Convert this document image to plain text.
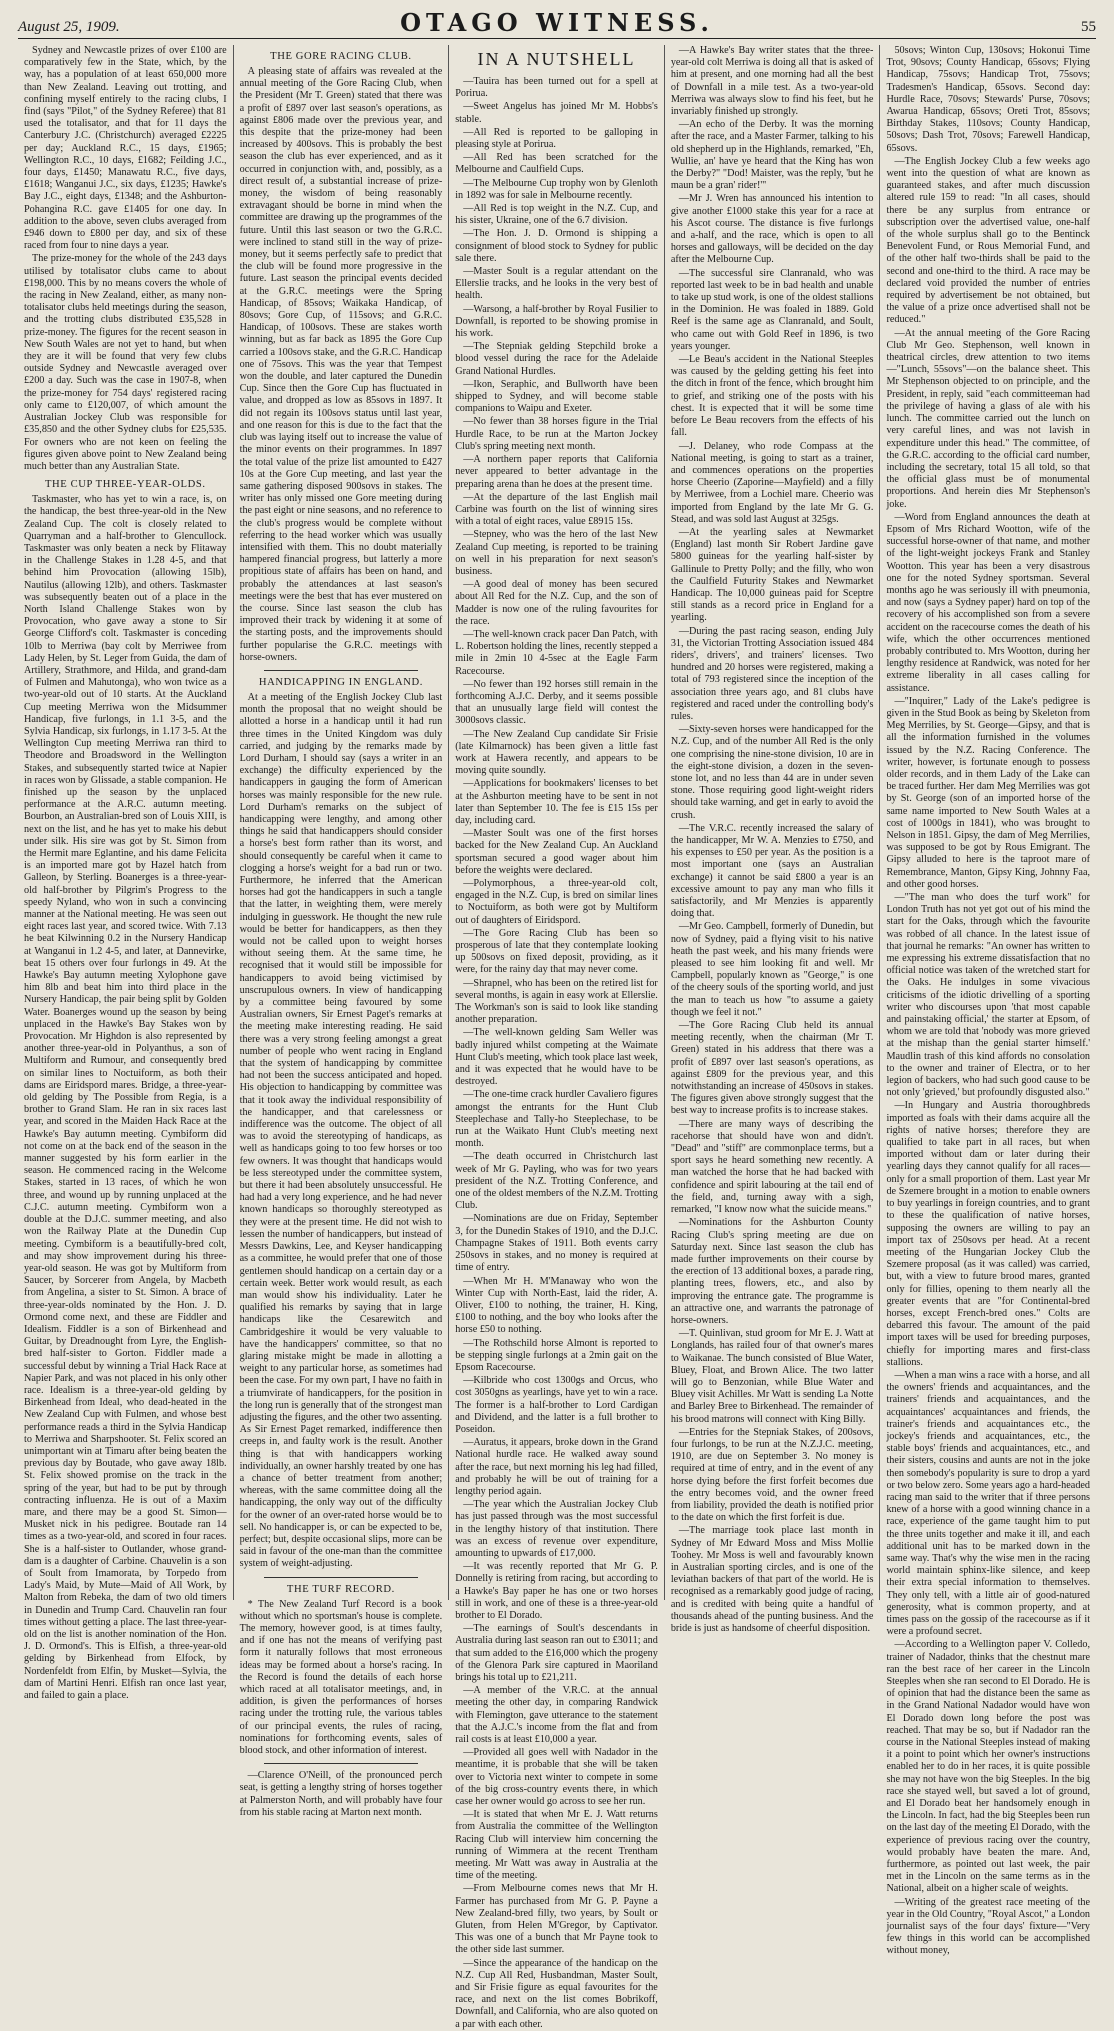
August 25, 1909.	OTAGO WITNESS.	55

Sydney and Newcastle prizes of over £100 are comparatively few in the State, which, by the way, has a population of at least 650,000 more than New Zealand. Leaving out trotting, and confining myself entirely to the racing clubs, I find (says "Pilot," of the Sydney Referee) that 81 used the totalisator, and that for 11 days the Canterbury J.C. (Christchurch) averaged £2225 per day; Auckland R.C., 15 days, £1965; Wellington R.C., 10 days, £1682; Feilding J.C., four days, £1450; Manawatu R.C., five days, £1618; Wanganui J.C., six days, £1235; Hawke's Bay J.C., eight days, £1348; and the Ashburton-Pohangina R.C. gave £1405 for one day. In addition to the above, seven clubs averaged from £946 down to £800 per day, and six of these raced from four to nine days a year.

The prize-money for the whole of the 243 days utilised by totalisator clubs came to about £198,000. This by no means covers the whole of the racing in New Zealand, either, as many non-totalisator clubs held meetings during the season, and the trotting clubs distributed £35,528 in prize-money. The figures for the recent season in New South Wales are not yet to hand, but when they are it will be found that very few clubs outside Sydney and Newcastle averaged over £200 a day. Such was the case in 1907-8, when the prize-money for 754 days' registered racing only came to £120,007, of which amount the Australian Jockey Club was responsible for £35,850 and the other Sydney clubs for £25,535. For owners who are not keen on feeling the figures given above point to New Zealand being much better than any Australian State.

THE CUP THREE-YEAR-OLDS.

Taskmaster, who has yet to win a race, is, on the handicap, the best three-year-old in the New Zealand Cup. The colt is closely related to Quarryman and a half-brother to Glencullock. Taskmaster was only beaten a neck by Flitaway in the Challenge Stakes in 1.28 4-5, and that behind him Provocation (allowing 15lb), Nautilus (allowing 12lb), and others. Taskmaster was subsequently beaten out of a place in the North Island Challenge Stakes won by Provocation, who gave away a stone to Sir George Clifford's colt. Taskmaster is conceding 10lb to Merriwa (bay colt by Merriwee from Lady Helen, by St. Leger from Guida, the dam of Artillery, Strathmore, and Hilda, and grand-dam of Fulmen and Mahutonga), who won twice as a two-year-old out of 10 starts. At the Auckland Cup meeting Merriwa won the Midsummer Handicap, five furlongs, in 1.1 3-5, and the Sylvia Handicap, six furlongs, in 1.17 3-5. At the Wellington Cup meeting Merriwa ran third to Theodore and Broadsword in the Wellington Stakes, and subsequently started twice at Napier in races won by Glissade, a stable companion. He finished up the season by the unplaced performance at the A.R.C. autumn meeting. Bourbon, an Australian-bred son of Louis XIII, is next on the list, and he has yet to make his debut under silk. His sire was got by St. Simon from the Hermit mare Eglantine, and his dame Felicita is an imported mare got by Hazel hatch from Galleon, by Sterling. Boanerges is a three-year-old half-brother by Pilgrim's Progress to the speedy Nyland, who won in such a convincing manner at the National meeting. He was seen out eight races last year, and scored twice. With 7.13 he beat Kilwinning 0.2 in the Nursery Handicap at Wanganui in 1.2 4-5, and later, at Dannevirke, beat 15 others over four furlongs in 49. At the Hawke's Bay autumn meeting Xylophone gave him 8lb and beat him into third place in the Nursery Handicap, the pair being split by Golden Water. Boanerges wound up the season by being unplaced in the Hawke's Bay Stakes won by Provocation. Mr Highdon is also represented by another three-year-old in Polyanthus, a son of Multiform and Rumour, and consequently bred on similar lines to Noctuiform, as both their dams are Eiridspord mares. Bridge, a three-year-old gelding by The Possible from Regia, is a brother to Grand Slam. He ran in six races last year, and scored in the Maiden Hack Race at the Hawke's Bay autumn meeting. Cymbiform did not come on at the back end of the season in the manner suggested by his form earlier in the season. He commenced racing in the Welcome Stakes, started in 13 races, of which he won three, and wound up by running unplaced at the C.J.C. autumn meeting. Cymbiform won a double at the D.J.C. summer meeting, and also won the Railway Plate at the Dunedin Cup meeting. Cymbiform is a beautifully-bred colt, and may show improvement during his three-year-old season. He was got by Multiform from Saucer, by Sorcerer from Angela, by Macbeth from Angelina, a sister to St. Simon. A brace of three-year-olds nominated by the Hon. J. D. Ormond come next, and these are Fiddler and Idealism. Fiddler is a son of Birkenhead and Guitar, by Dreadnought from Lyre, the English-bred half-sister to Gorton. Fiddler made a successful debut by winning a Trial Hack Race at Napier Park, and was not placed in his only other race. Idealism is a three-year-old gelding by Birkenhead from Ideal, who dead-heated in the New Zealand Cup with Fulmen, and whose best performance reads a third in the Sylvia Handicap to Merriwa and Sharpshooter. St. Felix scored an unimportant win at Timaru after being beaten the previous day by Boutade, who gave away 18lb. St. Felix showed promise on the track in the spring of the year, but had to be put by through contracting influenza. He is out of a Maxim mare, and there may be a good St. Simon—Musket nick in his pedigree. Boutade ran 14 times as a two-year-old, and scored in four races. She is a half-sister to Outlander, whose grand-dam is a daughter of Carbine. Chauvelin is a son of Soult from Imamorata, by Torpedo from Lady's Maid, by Mute—Maid of All Work, by Malton from Rebeka, the dam of two old timers in Dunedin and Trump Card. Chauvelin ran four times without getting a place. The last three-year-old on the list is another nomination of the Hon. J. D. Ormond's. This is Elfish, a three-year-old gelding by Birkenhead from Elfock, by Nordenfeldt from Elfin, by Musket—Sylvia, the dam of Martini Henri. Elfish ran once last year, and failed to gain a place.

THE GORE RACING CLUB.

A pleasing state of affairs was revealed at the annual meeting of the Gore Racing Club, when the President (Mr T. Green) stated that there was a profit of £897 over last season's operations, as against £806 made over the previous year, and this despite that the prize-money had been increased by 400sovs. This is probably the best season the club has ever experienced, and as it occurred in conjunction with, and, possibly, as a direct result of, a substantial increase of prize-money, the wisdom of being reasonably extravagant should be borne in mind when the committee are drawing up the programmes of the future. Until this last season or two the G.R.C. were inclined to stand still in the way of prize-money, but it seems perfectly safe to predict that the club will be found more progressive in the future. Last season the principal events decided at the G.R.C. meetings were the Spring Handicap, of 85sovs; Waikaka Handicap, of 80sovs; Gore Cup, of 115sovs; and G.R.C. Handicap, of 100sovs. These are stakes worth winning, but as far back as 1895 the Gore Cup carried a 100sovs stake, and the G.R.C. Handicap one of 75sovs. This was the year that Tempest won the double, and later captured the Dunedin Cup. Since then the Gore Cup has fluctuated in value, and dropped as low as 85sovs in 1897. It did not regain its 100sovs status until last year, and one reason for this is due to the fact that the club was laying itself out to increase the value of the minor events on their programmes. In 1897 the total value of the prize list amounted to £427 10s at the Gore Cup meeting, and last year the same gathering disposed 900sovs in stakes. The writer has only missed one Gore meeting during the past eight or nine seasons, and no reference to the club's progress would be complete without referring to the head worker which was usually intensified with them. This no doubt materially hampered financial progress, but latterly a more propitious state of affairs has been on hand, and probably the attendances at last season's meetings were the best that has ever mustered on the course. Since last season the club has improved their track by widening it at some of the starting posts, and the improvements should further popularise the G.R.C. meetings with horse-owners.

HANDICAPPING IN ENGLAND.

At a meeting of the English Jockey Club last month the proposal that no weight should be allotted a horse in a handicap until it had run three times in the United Kingdom was duly carried, and judging by the remarks made by Lord Durham, I should say (says a writer in an exchange) the difficulty experienced by the handicappers in gauging the form of American horses was mainly responsible for the new rule. Lord Durham's remarks on the subject of handicapping were lengthy, and among other things he said that handicappers should consider a horse's best form rather than its worst, and should consequently be careful when it came to clogging a horse's weight for a bad run or two. Furthermore, he inferred that the American horses had got the handicappers in such a tangle that the latter, in weighting them, were merely indulging in guesswork. He thought the new rule would be better for handicappers, as then they would not be called upon to weight horses without seeing them. At the same time, he recognised that it would still be impossible for handicappers to avoid being victimised by unscrupulous owners. In view of handicapping by a committee being favoured by some Australian owners, Sir Ernest Paget's remarks at the meeting make interesting reading. He said there was a very strong feeling amongst a great number of people who went racing in England that the system of handicapping by committee had not been the success anticipated and hoped. His objection to handicapping by committee was that it took away the individual responsibility of the handicapper, and that carelessness or indifference was the outcome. The object of all was to avoid the stereotyping of handicaps, as well as handicaps going to too few horses or too few owners. It was thought that handicaps would be less stereotyped under the committee system, but there it had been absolutely unsuccessful. He had had a very long experience, and he had never known handicaps so thoroughly stereotyped as they were at the present time. He did not wish to lessen the number of handicappers, but instead of Messrs Dawkins, Lee, and Keyser handicapping as a committee, he would prefer that one of those gentlemen should handicap on a certain day or a certain week. Better work would result, as each man would show his individuality. Later he qualified his remarks by saying that in large handicaps like the Cesarewitch and Cambridgeshire it would be very valuable to have the handicappers' committee, so that no glaring mistake might be made in allotting a weight to any particular horse, as sometimes had been the case. For my own part, I have no faith in a triumvirate of handicappers, for the position in the long run is generally that of the strongest man adjusting the figures, and the other two assenting. As Sir Ernest Paget remarked, indifference then creeps in, and faulty work is the result. Another thing is that with handicappers working individually, an owner harshly treated by one has a chance of better treatment from another; whereas, with the same committee doing all the handicapping, the only way out of the difficulty for the owner of an over-rated horse would be to sell. No handicapper is, or can be expected to be, perfect; but, despite occasional slips, more can be said in favour of the one-man than the committee system of weight-adjusting.

THE TURF RECORD.

* The New Zealand Turf Record is a book without which no sportsman's house is complete. The memory, however good, is at times faulty, and if one has not the means of verifying past form it naturally follows that most erroneous ideas may be formed about a horse's racing. In the Record is found the details of each horse which raced at all totalisator meetings, and, in addition, is given the performances of horses racing under the trotting rule, the various tables of our principal events, the rules of racing, nominations for forthcoming events, sales of blood stock, and other information of interest.

—Clarence O'Neill, of the pronounced perch seat, is getting a lengthy string of horses together at Palmerston North, and will probably have four from his stable racing at Marton next month.

IN A NUTSHELL

—Tauira has been turned out for a spell at Porirua.

—Sweet Angelus has joined Mr M. Hobbs's stable.

—All Red is reported to be galloping in pleasing style at Porirua.

—All Red has been scratched for the Melbourne and Caulfield Cups.

—The Melbourne Cup trophy won by Glenloth in 1892 was for sale in Melbourne recently.

—All Red is top weight in the N.Z. Cup, and his sister, Ukraine, one of the 6.7 division.

—The Hon. J. D. Ormond is shipping a consignment of blood stock to Sydney for public sale there.

—Master Soult is a regular attendant on the Ellerslie tracks, and he looks in the very best of health.

—Warsong, a half-brother by Royal Fusilier to Downfall, is reported to be showing promise in his work.

—The Stepniak gelding Stepchild broke a blood vessel during the race for the Adelaide Grand National Hurdles.

—Ikon, Seraphic, and Bullworth have been shipped to Sydney, and will become stable companions to Waipu and Exeter.

—No fewer than 38 horses figure in the Trial Hurdle Race, to be run at the Marton Jockey Club's spring meeting next month.

—A northern paper reports that California never appeared to better advantage in the preparing arena than he does at the present time.

—At the departure of the last English mail Carbine was fourth on the list of winning sires with a total of eight races, value £8915 15s.

—Stepney, who was the hero of the last New Zealand Cup meeting, is reported to be training on well in his preparation for next season's business.

—A good deal of money has been secured about All Red for the N.Z. Cup, and the son of Madder is now one of the ruling favourites for the race.

—The well-known crack pacer Dan Patch, with L. Robertson holding the lines, recently stepped a mile in 2min 10 4-5sec at the Eagle Farm Racecourse.

—No fewer than 192 horses still remain in the forthcoming A.J.C. Derby, and it seems possible that an unusually large field will contest the 3000sovs classic.

—The New Zealand Cup candidate Sir Frisie (late Kilmarnock) has been given a little fast work at Hawera recently, and appears to be moving quite soundly.

—Applications for bookmakers' licenses to bet at the Ashburton meeting have to be sent in not later than September 10. The fee is £15 15s per day, including card.

—Master Soult was one of the first horses backed for the New Zealand Cup. An Auckland sportsman secured a good wager about him before the weights were declared.

—Polymorphous, a three-year-old colt, engaged in the N.Z. Cup, is bred on similar lines to Noctuiform, as both were got by Multiform out of daughters of Eiridspord.

—The Gore Racing Club has been so prosperous of late that they contemplate looking up 500sovs on fixed deposit, providing, as it were, for the rainy day that may never come.

—Shrapnel, who has been on the retired list for several months, is again in easy work at Ellerslie. The Workman's son is said to look like standing another preparation.

—The well-known gelding Sam Weller was badly injured whilst competing at the Waimate Hunt Club's meeting, which took place last week, and it was expected that he would have to be destroyed.

—The one-time crack hurdler Cavaliero figures amongst the entrants for the Hunt Club Steeplechase and Tally-ho Steeplechase, to be run at the Waikato Hunt Club's meeting next month.

—The death occurred in Christchurch last week of Mr G. Payling, who was for two years president of the N.Z. Trotting Conference, and one of the oldest members of the N.Z.M. Trotting Club.

—Nominations are due on Friday, September 3, for the Dunedin Stakes of 1910, and the D.J.C. Champagne Stakes of 1911. Both events carry 250sovs in stakes, and no money is required at time of entry.

—When Mr H. M'Manaway who won the Winter Cup with North-East, laid the rider, A. Oliver, £100 to nothing, the trainer, H. King, £100 to nothing, and the boy who looks after the horse £50 to nothing.

—The Rothschild horse Almont is reported to be stepping single furlongs at a 2min gait on the Epsom Racecourse.

—Kilbride who cost 1300gs and Orcus, who cost 3050gns as yearlings, have yet to win a race. The former is a half-brother to Lord Cardigan and Dividend, and the latter is a full brother to Poseidon.

—Auratus, it appears, broke down in the Grand National hurdle race. He walked away sound after the race, but next morning his leg had filled, and probably he will be out of training for a lengthy period again.

—The year which the Australian Jockey Club has just passed through was the most successful in the lengthy history of that institution. There was an excess of revenue over expenditure, amounting to upwards of £17,000.

—It was recently reported that Mr G. P. Donnelly is retiring from racing, but according to a Hawke's Bay paper he has one or two horses still in work, and one of these is a three-year-old brother to El Dorado.

—The earnings of Soult's descendants in Australia during last season ran out to £3011; and that sum added to the £16,000 which the progeny of the Glenora Park sire captured in Maoriland brings his total up to £21,211.

—A member of the V.R.C. at the annual meeting the other day, in comparing Randwick with Flemington, gave utterance to the statement that the A.J.C.'s income from the flat and from rail costs is at least £10,000 a year.

—Provided all goes well with Nadador in the meantime, it is probable that she will be taken over to Victoria next winter to compete in some of the big cross-country events there, in which case her owner would go across to see her run.

—It is stated that when Mr E. J. Watt returns from Australia the committee of the Wellington Racing Club will interview him concerning the running of Wimmera at the recent Trentham meeting. Mr Watt was away in Australia at the time of the meeting.

—From Melbourne comes news that Mr H. Farmer has purchased from Mr G. P. Payne a New Zealand-bred filly, two years, by Soult or Gluten, from Helen M'Gregor, by Captivator. This was one of a bunch that Mr Payne took to the other side last summer.

—Since the appearance of the handicap on the N.Z. Cup All Red, Husbandman, Master Soult, and Sir Frisie figure as equal favourites for the race, and next on the list comes Bobrikoff, Downfall, and California, who are also quoted on a par with each other.

—A Hawke's Bay writer states that the three-year-old colt Merriwa is doing all that is asked of him at present, and one morning had all the best of Downfall in a mile test. As a two-year-old Merriwa was always slow to find his feet, but he invariably finished up strongly.

—An echo of the Derby. It was the morning after the race, and a Master Farmer, talking to his old shepherd up in the Highlands, remarked, "Eh, Wullie, an' have ye heard that the King has won the Derby?" "Dod! Maister, was the reply, 'but he maun be a gran' rider!'"

—Mr J. Wren has announced his intention to give another £1000 stake this year for a race at his Ascot course. The distance is five furlongs and a-half, and the race, which is open to all horses and galloways, will be decided on the day after the Melbourne Cup.

—The successful sire Clanranald, who was reported last week to be in bad health and unable to take up stud work, is one of the oldest stallions in the Dominion. He was foaled in 1889. Gold Reef is the same age as Clanranald, and Soult, who came out with Gold Reef in 1896, is two years younger.

—Le Beau's accident in the National Steeples was caused by the gelding getting his feet into the ditch in front of the fence, which brought him to grief, and striking one of the posts with his chest. It is expected that it will be some time before Le Beau recovers from the effects of his fall.

—J. Delaney, who rode Compass at the National meeting, is going to start as a trainer, and commences operations on the properties horse Cheerio (Zaporine—Mayfield) and a filly by Merriwee, from a Lochiel mare. Cheerio was imported from England by the late Mr G. G. Stead, and was sold last August at 325gs.

—At the yearling sales at Newmarket (England) last month Sir Robert Jardine gave 5800 guineas for the yearling half-sister by Gallinule to Pretty Polly; and the filly, who won the Caulfield Futurity Stakes and Newmarket Handicap. The 10,000 guineas paid for Sceptre still stands as a record price in England for a yearling.

—During the past racing season, ending July 31, the Victorian Trotting Association issued 484 riders', drivers', and trainers' licenses. Two hundred and 20 horses were registered, making a total of 793 registered since the inception of the association three years ago, and 81 clubs have registered and raced under the controlling body's rules.

—Sixty-seven horses were handicapped for the N.Z. Cup, and of the number All Red is the only one comprising the nine-stone division, 10 are in the eight-stone division, a dozen in the seven-stone lot, and no less than 44 are in under seven stone. Those requiring good light-weight riders should take warning, and get in early to avoid the crush.

—The V.R.C. recently increased the salary of the handicapper, Mr W. A. Menzies to £750, and his expenses to £50 per year. As the position is a most important one (says an Australian exchange) it cannot be said £800 a year is an excessive amount to pay any man who fills it satisfactorily, and Mr Menzies is apparently doing that.

—Mr Geo. Campbell, formerly of Dunedin, but now of Sydney, paid a flying visit to his native heath the past week, and his many friends were pleased to see him looking fit and well. Mr Campbell, popularly known as "George," is one of the cheery souls of the sporting world, and just the man to teach us how "to assume a gaiety though we feel it not."

—The Gore Racing Club held its annual meeting recently, when the chairman (Mr T. Green) stated in his address that there was a profit of £897 over last season's operations, as against £809 for the previous year, and this notwithstanding an increase of 450sovs in stakes. The figures given above strongly suggest that the best way to increase profits is to increase stakes.

—There are many ways of describing the racehorse that should have won and didn't. "Dead" and "stiff" are commonplace terms, but a sport says he heard something new recently. A man watched the horse that he had backed with confidence and spirit labouring at the tail end of the field, and, turning away with a sigh, remarked, "I know now what the suicide means."

—Nominations for the Ashburton County Racing Club's spring meeting are due on Saturday next. Since last season the club has made further improvements on their course by the erection of 13 additional boxes, a parade ring, planting trees, flowers, etc., and also by improving the entrance gate. The programme is an attractive one, and warrants the patronage of horse-owners.

—T. Quinlivan, stud groom for Mr E. J. Watt at Longlands, has railed four of that owner's mares to Waikanae. The bunch consisted of Blue Water, Bluey, Float, and Brown Alice. The two latter will go to Benzonian, while Blue Water and Bluey visit Achilles. Mr Watt is sending La Notte and Barley Bree to Birkenhead. The remainder of his brood matrons will connect with King Billy.

—Entries for the Stepniak Stakes, of 200sovs, four furlongs, to be run at the N.Z.J.C. meeting, 1910, are due on September 3. No money is required at time of entry, and in the event of any horse dying before the first forfeit becomes due the entry becomes void, and the owner freed from liability, provided the death is notified prior to the date on which the first forfeit is due.

—The marriage took place last month in Sydney of Mr Edward Moss and Miss Mollie Toohey. Mr Moss is well and favourably known in Australian sporting circles, and is one of the leviathan backers of that part of the world. He is recognised as a remarkably good judge of racing, and is credited with being quite a handful of thousands ahead of the punting business. And the bride is just as handsome of cheerful disposition.

50sovs; Winton Cup, 130sovs; Hokonui Time Trot, 90sovs; County Handicap, 65sovs; Flying Handicap, 75sovs; Handicap Trot, 75sovs; Tradesmen's Handicap, 65sovs. Second day: Hurdle Race, 70sovs; Stewards' Purse, 70sovs; Awarua Handicap, 65sovs; Oreti Trot, 85sovs; Birthday Stakes, 110sovs; County Handicap, 50sovs; Dash Trot, 70sovs; Farewell Handicap, 65sovs.

—The English Jockey Club a few weeks ago went into the question of what are known as guaranteed stakes, and after much discussion altered rule 159 to read: "In all cases, should there be any surplus from entrance or subscription over the advertised value, one-half of the whole surplus shall go to the Bentinck Benevolent Fund, or Rous Memorial Fund, and of the other half two-thirds shall be paid to the second and one-third to the third. A race may be declared void provided the number of entries required by advertisement be not obtained, but the value of a prize once advertised shall not be reduced."

—At the annual meeting of the Gore Racing Club Mr Geo. Stephenson, well known in theatrical circles, drew attention to two items—"Lunch, 55sovs"—on the balance sheet. This Mr Stephenson objected to on principle, and the President, in reply, said "each committeeman had the privilege of having a glass of ale with his lunch. The committee carried out the lunch on very careful lines, and was not lavish in expenditure under this head." The committee, of the G.R.C. according to the official card number, including the secretary, total 15 all told, so that the official glass must be of monumental proportions. And herein dies Mr Stephenson's joke.

—Word from England announces the death at Epsom of Mrs Richard Wootton, wife of the successful horse-owner of that name, and mother of the light-weight jockeys Frank and Stanley Wootton. This year has been a very disastrous one for the noted Sydney sportsman. Several months ago he was seriously ill with pneumonia, and now (says a Sydney paper) hard on top of the recovery of his accomplished son from a severe accident on the racecourse comes the death of his wife, which the other occurrences mentioned probably contributed to. Mrs Wootton, during her lengthy residence at Randwick, was noted for her extreme liberality in all cases calling for assistance.

—"Inquirer," Lady of the Lake's pedigree is given in the Stud Book as being by Skeleton from Meg Merrilies, by St. George—Gipsy, and that is all the information furnished in the volumes issued by the N.Z. Racing Conference. The writer, however, is fortunate enough to possess older records, and in them Lady of the Lake can be traced further. Her dam Meg Merrilies was got by St. George (son of an imported horse of the same name imported to New South Wales at a cost of 1000gs in 1841), who was brought to Nelson in 1851. Gipsy, the dam of Meg Merrilies, was supposed to be got by Rous Emigrant. The Gipsy alluded to here is the taproot mare of Remembrance, Manton, Gipsy King, Johnny Faa, and other good horses.

—"The man who does the turf work" for London Truth has not yet got out of his mind the start for the Oaks, through which the favourite was robbed of all chance. In the latest issue of that journal he remarks: "An owner has written to me expressing his extreme dissatisfaction that no official notice was taken of the wretched start for the Oaks. He indulges in some vivacious criticisms of the idiotic drivelling of a sporting writer who discourses upon 'that most capable and painstaking official,' the starter at Epsom, of whom we are told that 'nobody was more grieved at the mishap than the genial starter himself.' Maudlin trash of this kind affords no consolation to the owner and trainer of Electra, or to her legion of backers, who had such good cause to be not only 'grieved,' but profoundly disgusted also."

—In Hungary and Austria thoroughbreds imported as foals with their dams acquire all the rights of native horses; therefore they are qualified to take part in all races, but when imported without dam or later during their yearling days they cannot qualify for all races—only for a small proportion of them. Last year Mr de Szemere brought in a motion to enable owners to buy yearlings in foreign countries, and to grant to these the qualification of native horses, supposing the owners are willing to pay an import tax of 250sovs per head. At a recent meeting of the Hungarian Jockey Club the Szemere proposal (as it was called) was carried, but, with a view to future brood mares, granted only for fillies, opening to them nearly all the greater events that are "for Continental-bred horses, except French-bred ones." Colts are debarred this favour. The amount of the paid import taxes will be used for breeding purposes, chiefly for importing mares and first-class stallions.

—When a man wins a race with a horse, and all the owners' friends and acquaintances, and the trainers' friends and acquaintances, and the acquaintances' acquaintances and friends, the trainer's friends and acquaintances etc., the jockey's friends and acquaintances, etc., the stable boys' friends and acquaintances, etc., and their sisters, cousins and aunts are not in the joke then somebody's popularity is sure to drop a yard or two below zero. Some years ago a hard-headed racing man said to the writer that if three persons knew of a horse with a good winning chance in a race, experience of the game taught him to put the three units together and make it ill, and each additional unit has to be marked down in the same way. That's why the wise men in the racing world maintain sphinx-like silence, and keep their extra special information to themselves. They only tell, with a little air of good-natured generosity, what is common property, and at times pass on the gossip of the racecourse as if it were a profound secret.

—According to a Wellington paper V. Colledo, trainer of Nadador, thinks that the chestnut mare ran the best race of her career in the Lincoln Steeples when she ran second to El Dorado. He is of opinion that had the distance been the same as in the Grand National Nadador would have won El Dorado down long before the post was reached. That may be so, but if Nadador ran the course in the National Steeples instead of making it a point to point which her owner's instructions enabled her to do in her races, it is quite possible she may not have won the big Steeples. In the big race she stayed well, but saved a lot of ground, and El Dorado beat her handsomely enough in the Lincoln. In fact, had the big Steeples been run on the last day of the meeting El Dorado, with the experience of previous racing over the country, would probably have beaten the mare. And, furthermore, as pointed out last week, the pair met in the Lincoln on the same terms as in the National, albeit on a higher scale of weights.

—Writing of the greatest race meeting of the year in the Old Country, "Royal Ascot," a London journalist says of the four days' fixture—"Very few things in this world can be accomplished without money,
